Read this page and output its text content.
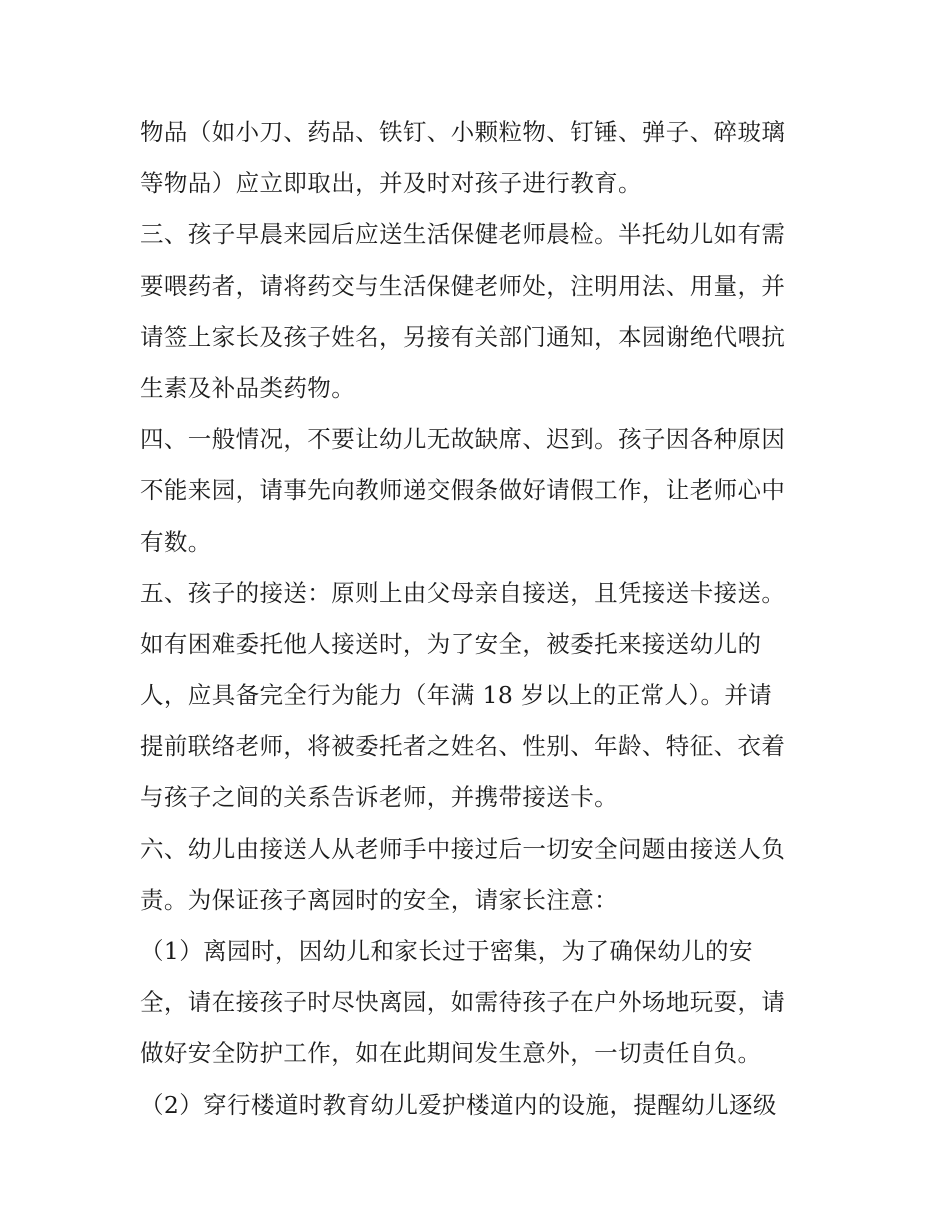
物品（如小刀、药品、铁钉、小颗粒物、钉锤、弹子、碎玻璃
等物品）应立即取出，并及时对孩子进行教育。
三、孩子早晨来园后应送生活保健老师晨检。半托幼儿如有需
要喂药者，请将药交与生活保健老师处，注明用法、用量，并
请签上家长及孩子姓名，另接有关部门通知，本园谢绝代喂抗
生素及补品类药物。
四、一般情况，不要让幼儿无故缺席、迟到。孩子因各种原因
不能来园，请事先向教师递交假条做好请假工作，让老师心中
有数。
五、孩子的接送：原则上由父母亲自接送，且凭接送卡接送。
如有困难委托他人接送时，为了安全，被委托来接送幼儿的
人，应具备完全行为能力（年满 18 岁以上的正常人）。并请
提前联络老师，将被委托者之姓名、性别、年龄、特征、衣着
与孩子之间的关系告诉老师，并携带接送卡。
六、幼儿由接送人从老师手中接过后一切安全问题由接送人负
责。为保证孩子离园时的安全，请家长注意：
（1）离园时，因幼儿和家长过于密集，为了确保幼儿的安
全，请在接孩子时尽快离园，如需待孩子在户外场地玩耍，请
做好安全防护工作，如在此期间发生意外，一切责任自负。
（2）穿行楼道时教育幼儿爱护楼道内的设施，提醒幼儿逐级
